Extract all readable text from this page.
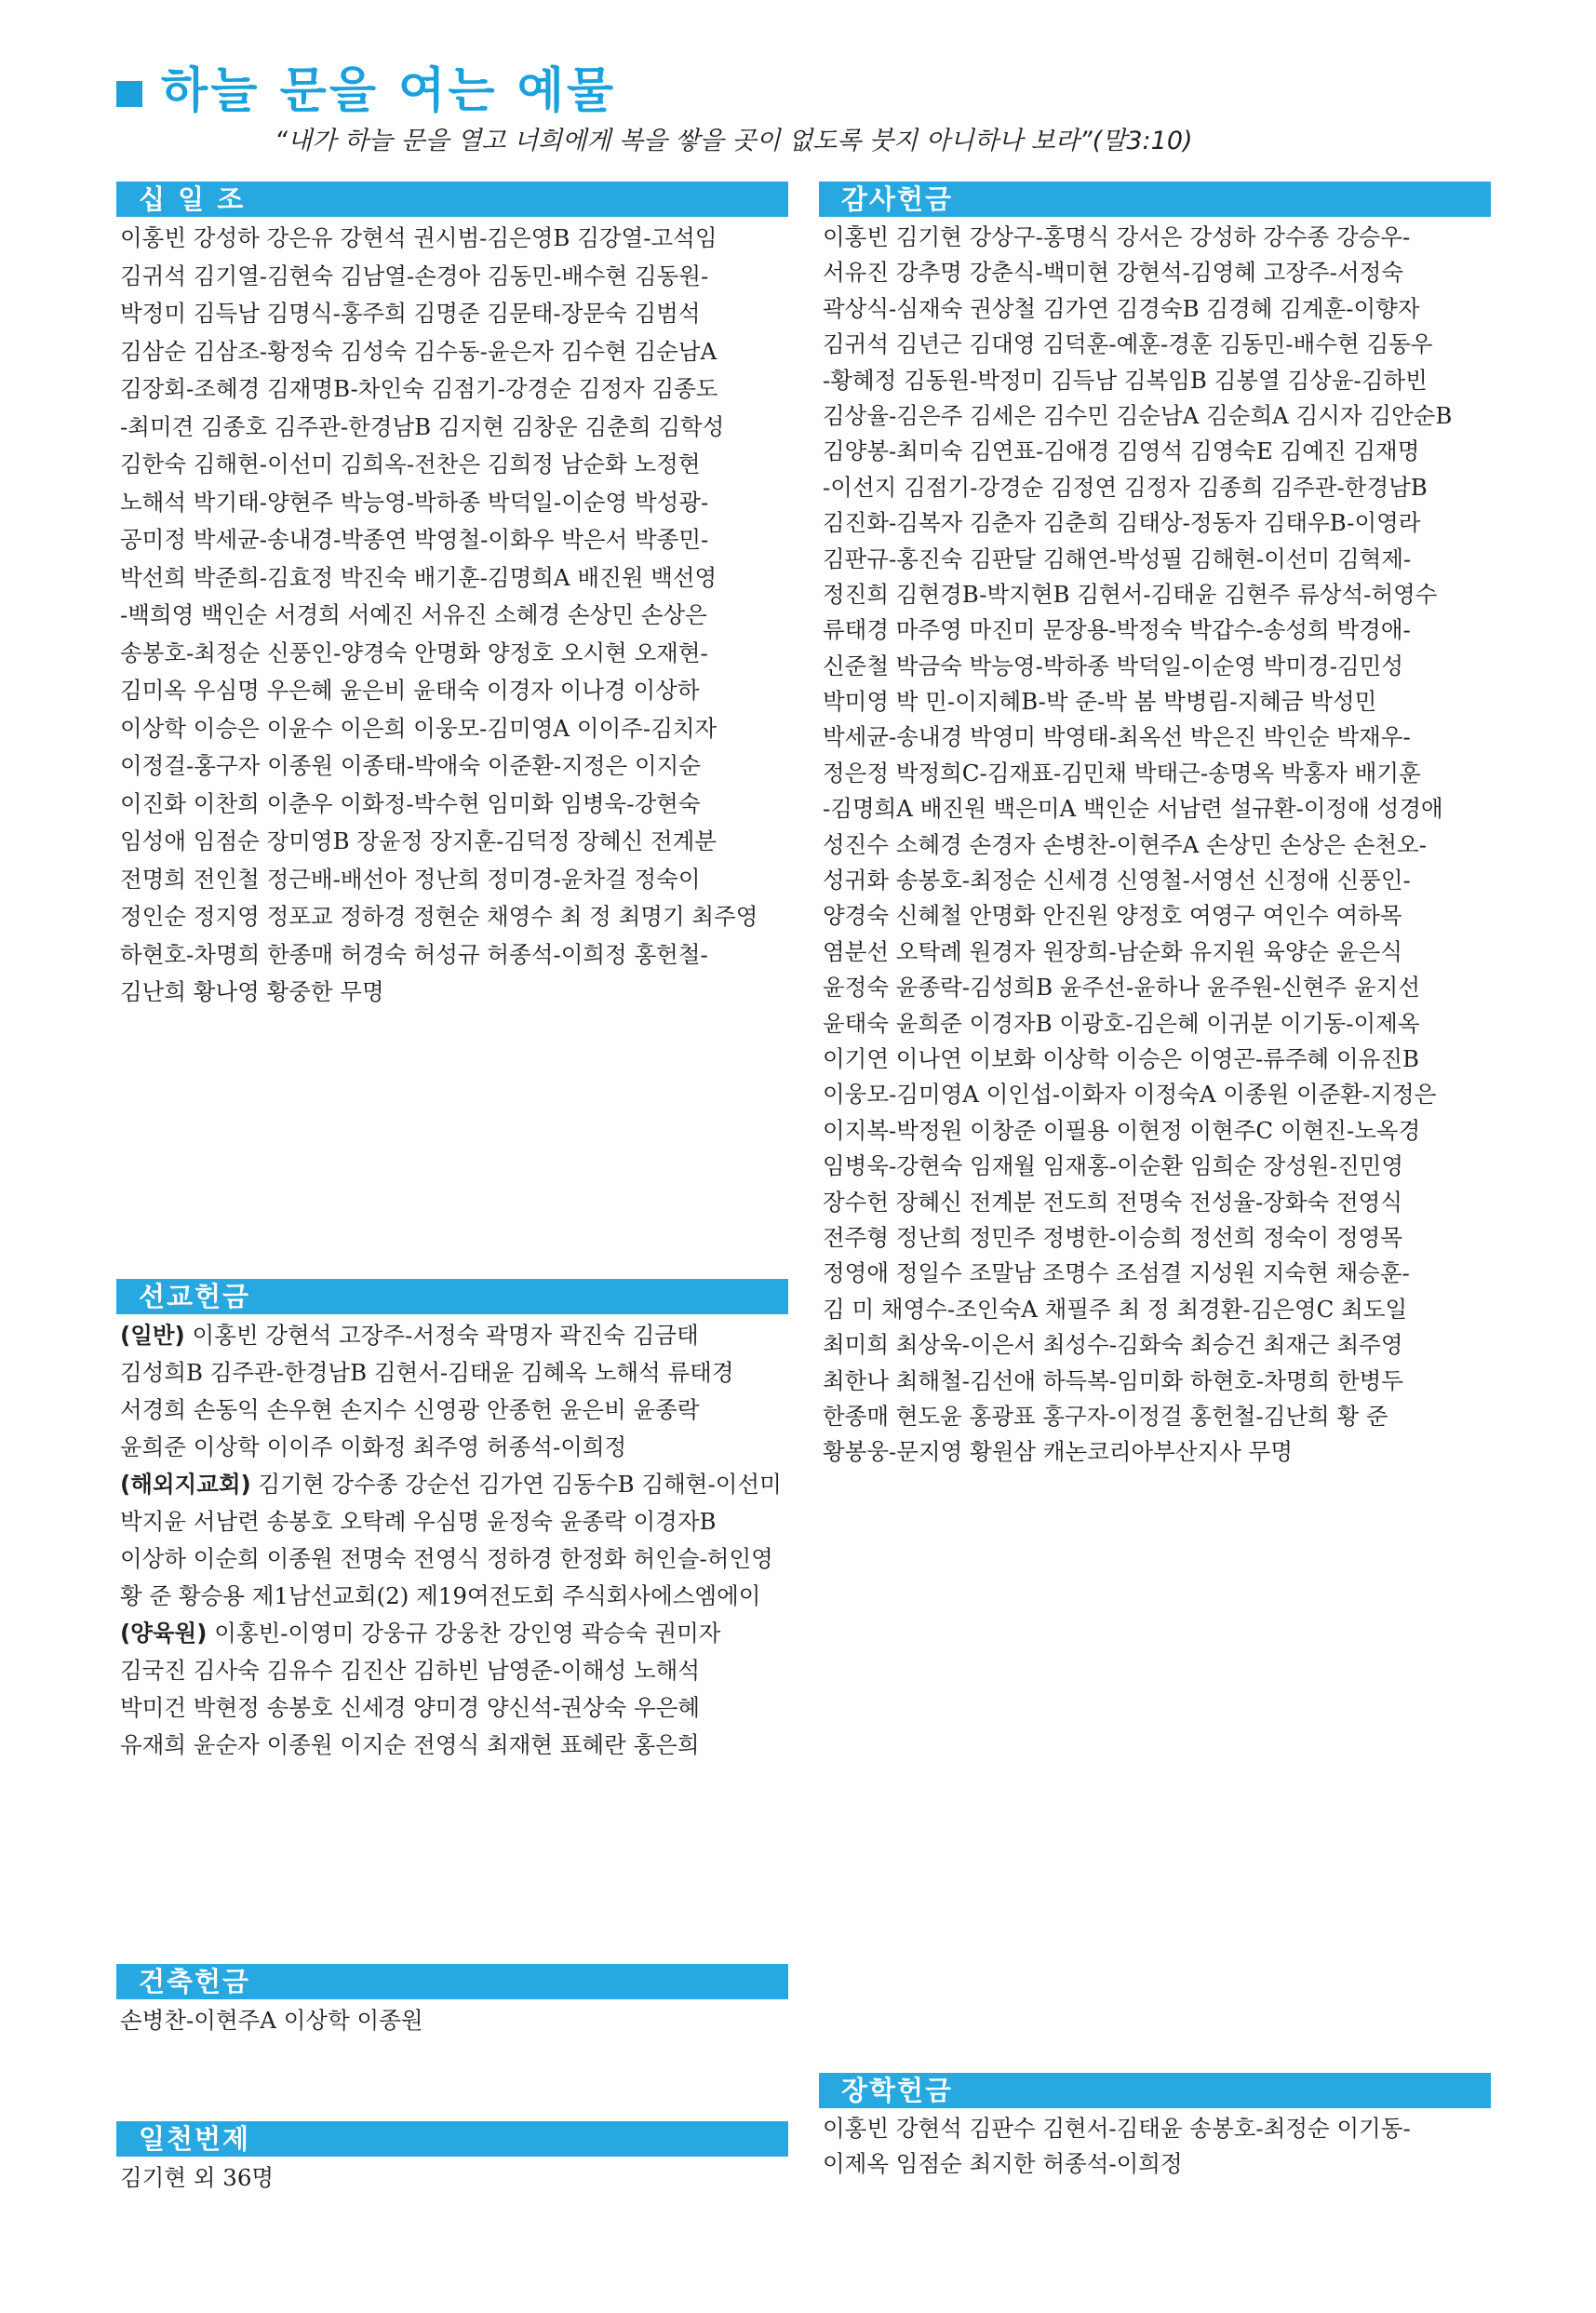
하늘 문을 여는 예물
“내가 하늘 문을 열고 너희에게 복을 쌓을 곳이 없도록 붓지 아니하나 보라”(말3:10)
십 일 조
이홍빈 강성하 강은유 강현석 권시범-김은영B 김강열-고석임
김귀석 김기열-김현숙 김남열-손경아 김동민-배수현 김동원-
박정미 김득남 김명식-홍주희 김명준 김문태-장문숙 김범석
김삼순 김삼조-황정숙 김성숙 김수동-윤은자 김수현 김순남A
김장회-조혜경 김재명B-차인숙 김점기-강경순 김정자 김종도
-최미견 김종호 김주관-한경남B 김지현 김창운 김춘희 김학성
김한숙 김해현-이선미 김희옥-전찬은 김희정 남순화 노정현
노해석 박기태-양현주 박능영-박하종 박덕일-이순영 박성광-
공미정 박세균-송내경-박종연 박영철-이화우 박은서 박종민-
박선희 박준희-김효정 박진숙 배기훈-김명희A 배진원 백선영
-백희영 백인순 서경희 서예진 서유진 소혜경 손상민 손상은
송봉호-최정순 신풍인-양경숙 안명화 양정호 오시현 오재현-
김미옥 우심명 우은혜 윤은비 윤태숙 이경자 이나경 이상하
이상학 이승은 이윤수 이은희 이웅모-김미영A 이이주-김치자
이정걸-홍구자 이종원 이종태-박애숙 이준환-지정은 이지순
이진화 이찬희 이춘우 이화정-박수현 임미화 임병욱-강현숙
임성애 임점순 장미영B 장윤정 장지훈-김덕정 장혜신 전계분
전명희 전인철 정근배-배선아 정난희 정미경-윤차걸 정숙이
정인순 정지영 정포교 정하경 정현순 채영수 최 정 최명기 최주영
하현호-차명희 한종매 허경숙 허성규 허종석-이희정 홍헌철-
김난희 황나영 황중한 무명
선교헌금
(일반) 이홍빈 강현석 고장주-서정숙 곽명자 곽진숙 김금태
김성희B 김주관-한경남B 김현서-김태윤 김혜옥 노해석 류태경
서경희 손동익 손우현 손지수 신영광 안종헌 윤은비 윤종락
윤희준 이상학 이이주 이화정 최주영 허종석-이희정
(해외지교회) 김기현 강수종 강순선 김가연 김동수B 김해현-이선미
박지윤 서남련 송봉호 오탁례 우심명 윤정숙 윤종락 이경자B
이상하 이순희 이종원 전명숙 전영식 정하경 한정화 허인슬-허인영
황 준 황승용 제1남선교회(2) 제19여전도회 주식회사에스엠에이
(양육원) 이홍빈-이영미 강웅규 강웅찬 강인영 곽승숙 권미자
김국진 김사숙 김유수 김진산 김하빈 남영준-이해성 노해석
박미건 박현정 송봉호 신세경 양미경 양신석-권상숙 우은혜
유재희 윤순자 이종원 이지순 전영식 최재현 표혜란 홍은희
건축헌금
손병찬-이현주A 이상학 이종원
일천번제
김기현 외 36명
감사헌금
이홍빈 김기현 강상구-홍명식 강서은 강성하 강수종 강승우-
서유진 강추명 강춘식-백미현 강현석-김영혜 고장주-서정숙
곽상식-심재숙 권상철 김가연 김경숙B 김경혜 김계훈-이향자
김귀석 김년근 김대영 김덕훈-예훈-경훈 김동민-배수현 김동우
-황혜정 김동원-박정미 김득남 김복임B 김봉열 김상윤-김하빈
김상율-김은주 김세은 김수민 김순남A 김순희A 김시자 김안순B
김양봉-최미숙 김연표-김애경 김영석 김영숙E 김예진 김재명
-이선지 김점기-강경순 김정연 김정자 김종희 김주관-한경남B
김진화-김복자 김춘자 김춘희 김태상-정동자 김태우B-이영라
김판규-홍진숙 김판달 김해연-박성필 김해현-이선미 김혁제-
정진희 김현경B-박지현B 김현서-김태윤 김현주 류상석-허영수
류태경 마주영 마진미 문장용-박정숙 박갑수-송성희 박경애-
신준철 박금숙 박능영-박하종 박덕일-이순영 박미경-김민성
박미영 박 민-이지혜B-박 준-박 봄 박병림-지혜금 박성민
박세균-송내경 박영미 박영태-최옥선 박은진 박인순 박재우-
정은정 박정희C-김재표-김민채 박태근-송명옥 박홍자 배기훈
-김명희A 배진원 백은미A 백인순 서남련 설규환-이정애 성경애
성진수 소혜경 손경자 손병찬-이현주A 손상민 손상은 손천오-
성귀화 송봉호-최정순 신세경 신영철-서영선 신정애 신풍인-
양경숙 신혜철 안명화 안진원 양정호 여영구 여인수 여하목
염분선 오탁례 원경자 원장희-남순화 유지원 육양순 윤은식
윤정숙 윤종락-김성희B 윤주선-윤하나 윤주원-신현주 윤지선
윤태숙 윤희준 이경자B 이광호-김은혜 이귀분 이기동-이제옥
이기연 이나연 이보화 이상학 이승은 이영곤-류주혜 이유진B
이웅모-김미영A 이인섭-이화자 이정숙A 이종원 이준환-지정은
이지복-박정원 이창준 이필용 이현정 이현주C 이현진-노옥경
임병욱-강현숙 임재월 임재홍-이순환 임희순 장성원-진민영
장수헌 장혜신 전계분 전도희 전명숙 전성율-장화숙 전영식
전주형 정난희 정민주 정병한-이승희 정선희 정숙이 정영목
정영애 정일수 조말남 조명수 조섬결 지성원 지숙현 채승훈-
김 미 채영수-조인숙A 채필주 최 정 최경환-김은영C 최도일
최미희 최상욱-이은서 최성수-김화숙 최승건 최재근 최주영
최한나 최해철-김선애 하득복-임미화 하현호-차명희 한병두
한종매 현도윤 홍광표 홍구자-이정걸 홍헌철-김난희 황 준
황봉웅-문지영 황원삼 캐논코리아부산지사 무명
장학헌금
이홍빈 강현석 김판수 김현서-김태윤 송봉호-최정순 이기동-
이제옥 임점순 최지한 허종석-이희정
